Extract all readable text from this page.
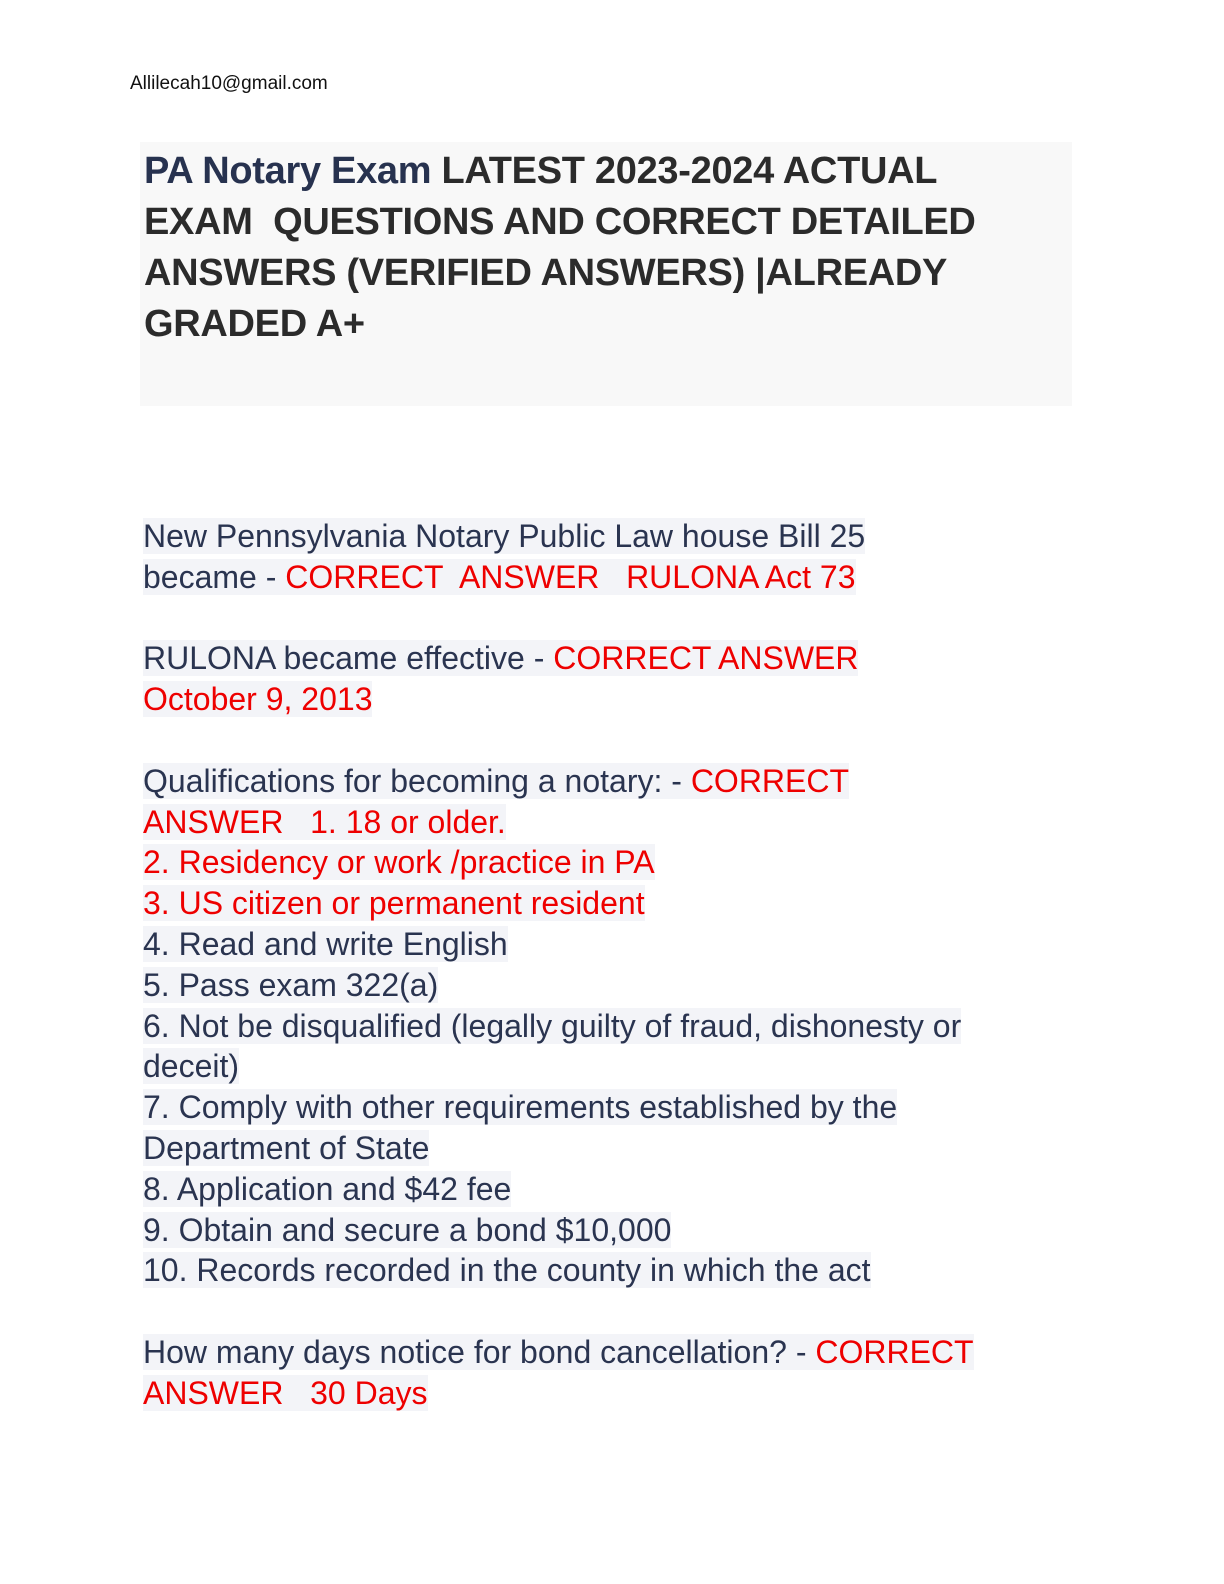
Allilecah10@gmail.com
PA Notary Exam LATEST 2023-2024 ACTUAL
EXAM  QUESTIONS AND CORRECT DETAILED
ANSWERS (VERIFIED ANSWERS) |ALREADY
GRADED A+
New Pennsylvania Notary Public Law house Bill 25
became - CORRECT  ANSWER   RULONA Act 73
RULONA became effective - CORRECT ANSWER
October 9, 2013
Qualifications for becoming a notary: - CORRECT
ANSWER   1. 18 or older.
2. Residency or work /practice in PA
3. US citizen or permanent resident
4. Read and write English
5. Pass exam 322(a)
6. Not be disqualified (legally guilty of fraud, dishonesty or
deceit)
7. Comply with other requirements established by the
Department of State
8. Application and $42 fee
9. Obtain and secure a bond $10,000
10. Records recorded in the county in which the act
How many days notice for bond cancellation? - CORRECT
ANSWER   30 Days
